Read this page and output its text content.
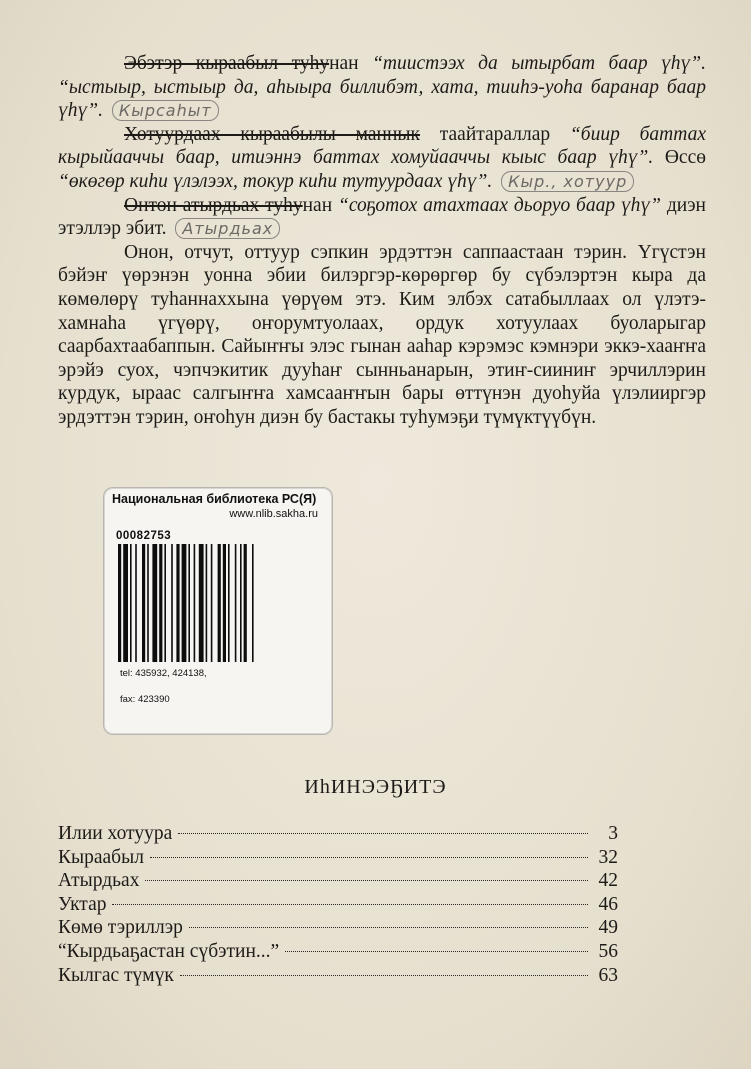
Эбэтэр кыраабыл туһунан “тиистээх да ытырбат баар үһү”. “ыстыыр, ыстыыр да, аһыыра биллибэт, хата, тииһэ-уоһа баранар баар үһү”. Кырсаһыт

Хотуурдаах кыраабылы маннык таайтараллар “биир баттах кырыйааччы баар, итиэннэ баттах хомуйааччы кыыс баар үһү”. Өссө “өкөгөр киһи үлэлээх, токур киһи тутуурдаах үһү”. Кыр., хотуур

Онтон атырдьах туһунан “соҕотох атахтаах дьоруо баар үһү” диэн этэллэр эбит. Атырдьах

Онон, отчут, оттуур сэпкин эрдэттэн саппаастаан тэрин. Үгүстэн бэйэҥ үөрэнэн уонна эбии билэргэр-көрөргөр бу сүбэлэртэн кыра да көмөлөрү туһаннаххына үөрүөм этэ. Ким элбэх сатабыллаах ол үлэтэ-хамнаһа үгүөрү, оҥорумтуолаах, ордук хотуулаах буоларыгар саарбахтаабаппын. Сайыҥҥы элэс гынан ааһар кэрэмэс кэмнэри эккэ-хааҥҥа эрэйэ суох, чэпчэкитик дууһаҥ сынньанарын, этиҥ-сииниҥ эрчиллэрин курдук, ыраас салгыҥҥа хамсааҥҥын бары өттүнэн дуоһуйа үлэлииргэр эрдэттэн тэрин, оҥоһун диэн бу бастакы туһумэҕи түмүктүүбүн.

Национальная библиотека РС(Я)
www.nlib.sakha.ru
00082753
tel: 435932, 424138,
fax: 423390
ИһИНЭЭҔИТЭ
Илии хотуура	3
Кыраабыл	32
Атырдьах	42
Уктар	46
Көмө тэриллэр	49
“Кырдьаҕастан сүбэтин...”	56
Кылгас түмүк	63
